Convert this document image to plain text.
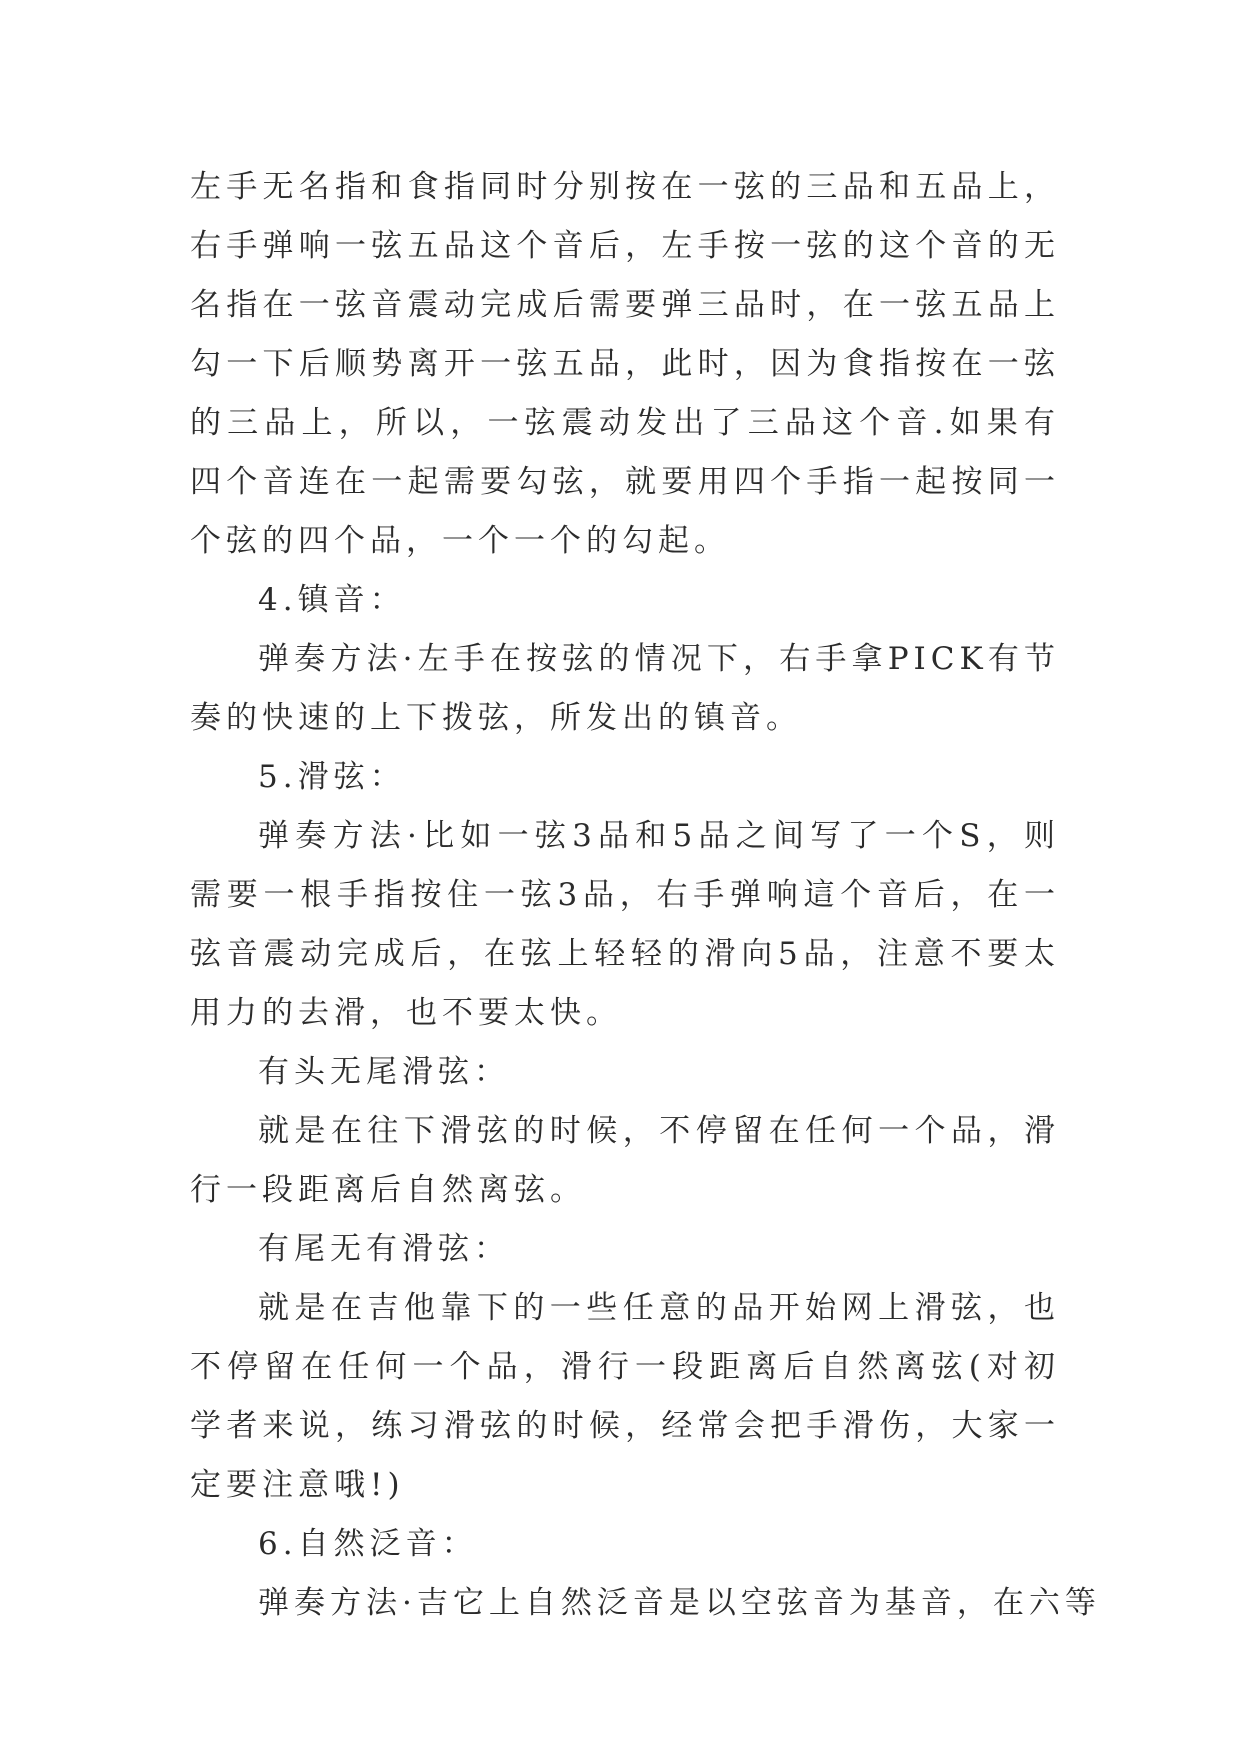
左手无名指和食指同时分别按在一弦的三品和五品上，右手弹响一弦五品这个音后，左手按一弦的这个音的无名指在一弦音震动完成后需要弹三品时，在一弦五品上勾一下后顺势离开一弦五品，此时，因为食指按在一弦的三品上，所以，一弦震动发出了三品这个音.如果有四个音连在一起需要勾弦，就要用四个手指一起按同一个弦的四个品，一个一个的勾起。

4.镇音：

弹奏方法·左手在按弦的情况下，右手拿PICK有节奏的快速的上下拨弦，所发出的镇音。

5.滑弦：

弹奏方法·比如一弦3品和5品之间写了一个S，则需要一根手指按住一弦3品，右手弹响這个音后，在一弦音震动完成后，在弦上轻轻的滑向5品，注意不要太用力的去滑，也不要太快。

有头无尾滑弦：

就是在往下滑弦的时候，不停留在任何一个品，滑行一段距离后自然离弦。

有尾无有滑弦：

就是在吉他靠下的一些任意的品开始网上滑弦，也不停留在任何一个品，滑行一段距离后自然离弦(对初学者来说，练习滑弦的时候，经常会把手滑伤，大家一定要注意哦!)

6.自然泛音：

弹奏方法·吉它上自然泛音是以空弦音为基音，在六等
